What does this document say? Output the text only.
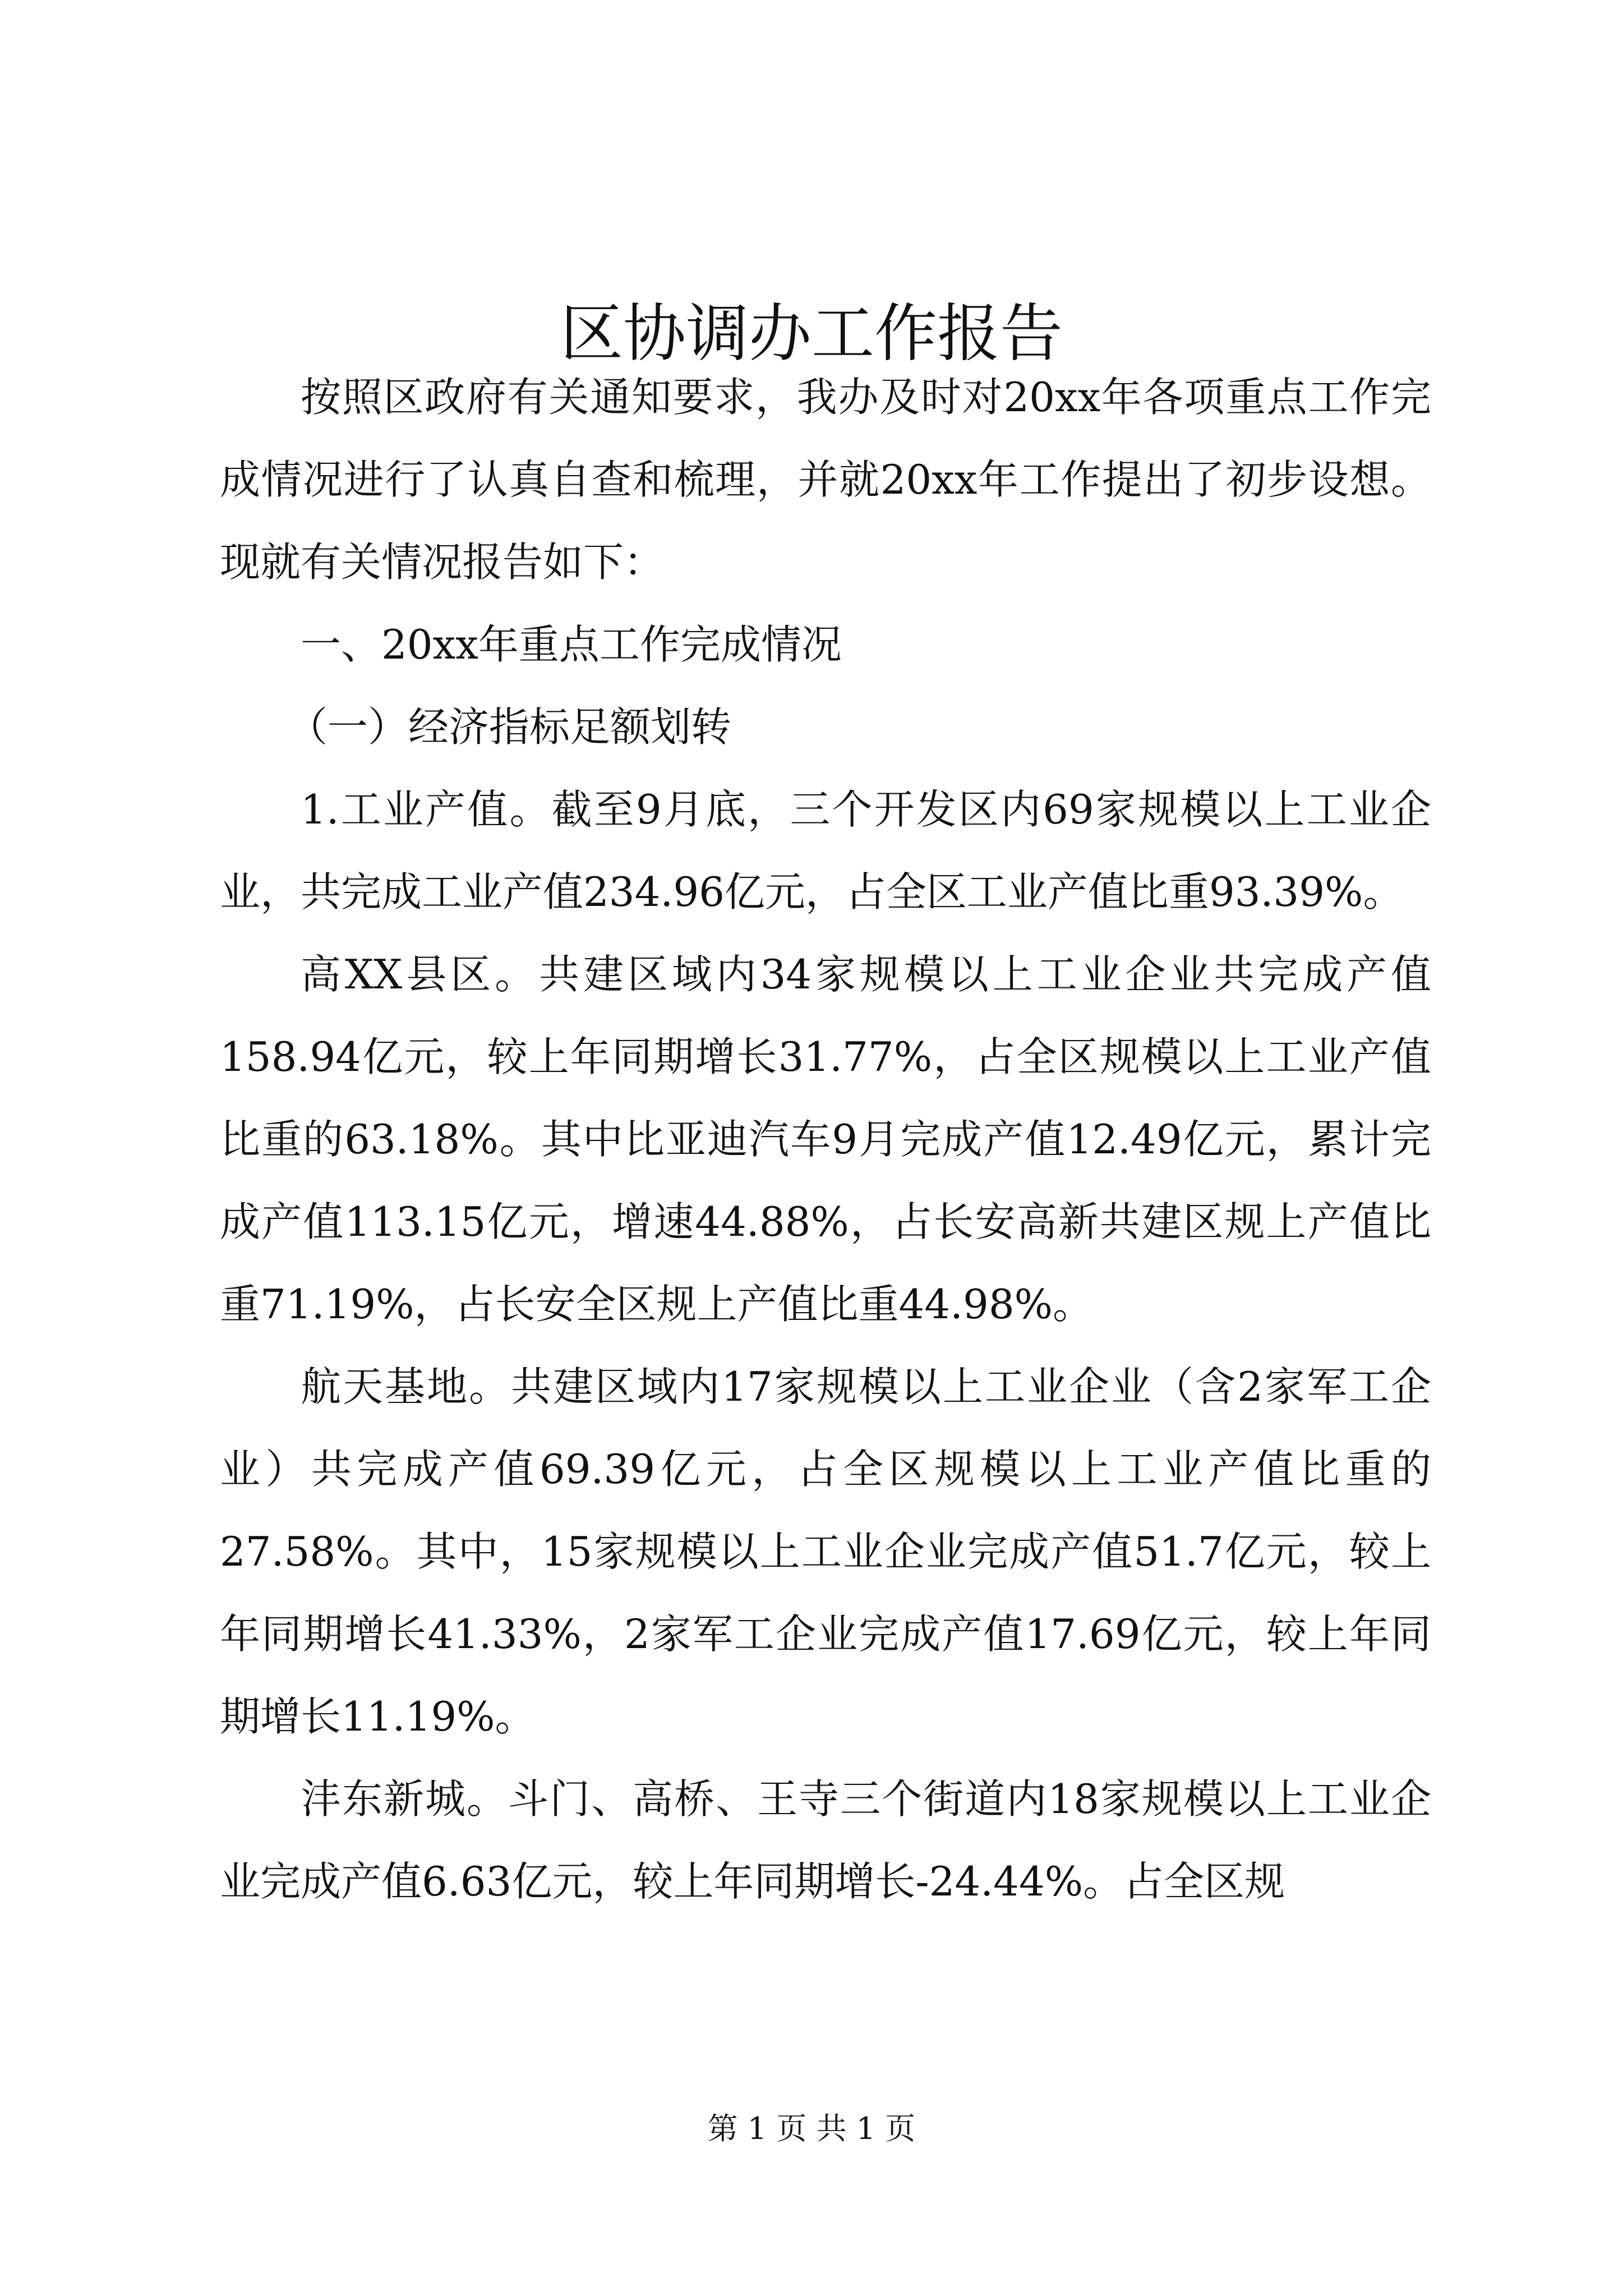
区协调办工作报告

按照区政府有关通知要求，我办及时对20xx年各项重点工作完成情况进行了认真自查和梳理，并就20xx年工作提出了初步设想。现就有关情况报告如下：

一、20xx年重点工作完成情况

（一）经济指标足额划转

1.工业产值。截至9月底，三个开发区内69家规模以上工业企业，共完成工业产值234.96亿元，占全区工业产值比重93.39%。

高XX县区。共建区域内34家规模以上工业企业共完成产值158.94亿元，较上年同期增长31.77%，占全区规模以上工业产值比重的63.18%。其中比亚迪汽车9月完成产值12.49亿元，累计完成产值113.15亿元，增速44.88%，占长安高新共建区规上产值比重71.19%，占长安全区规上产值比重44.98%。

航天基地。共建区域内17家规模以上工业企业（含2家军工企业）共完成产值69.39亿元，占全区规模以上工业产值比重的27.58%。其中，15家规模以上工业企业完成产值51.7亿元，较上年同期增长41.33%，2家军工企业完成产值17.69亿元，较上年同期增长11.19%。

沣东新城。斗门、高桥、王寺三个街道内18家规模以上工业企业完成产值6.63亿元，较上年同期增长-24.44%。占全区规

第 1 页 共 1 页
